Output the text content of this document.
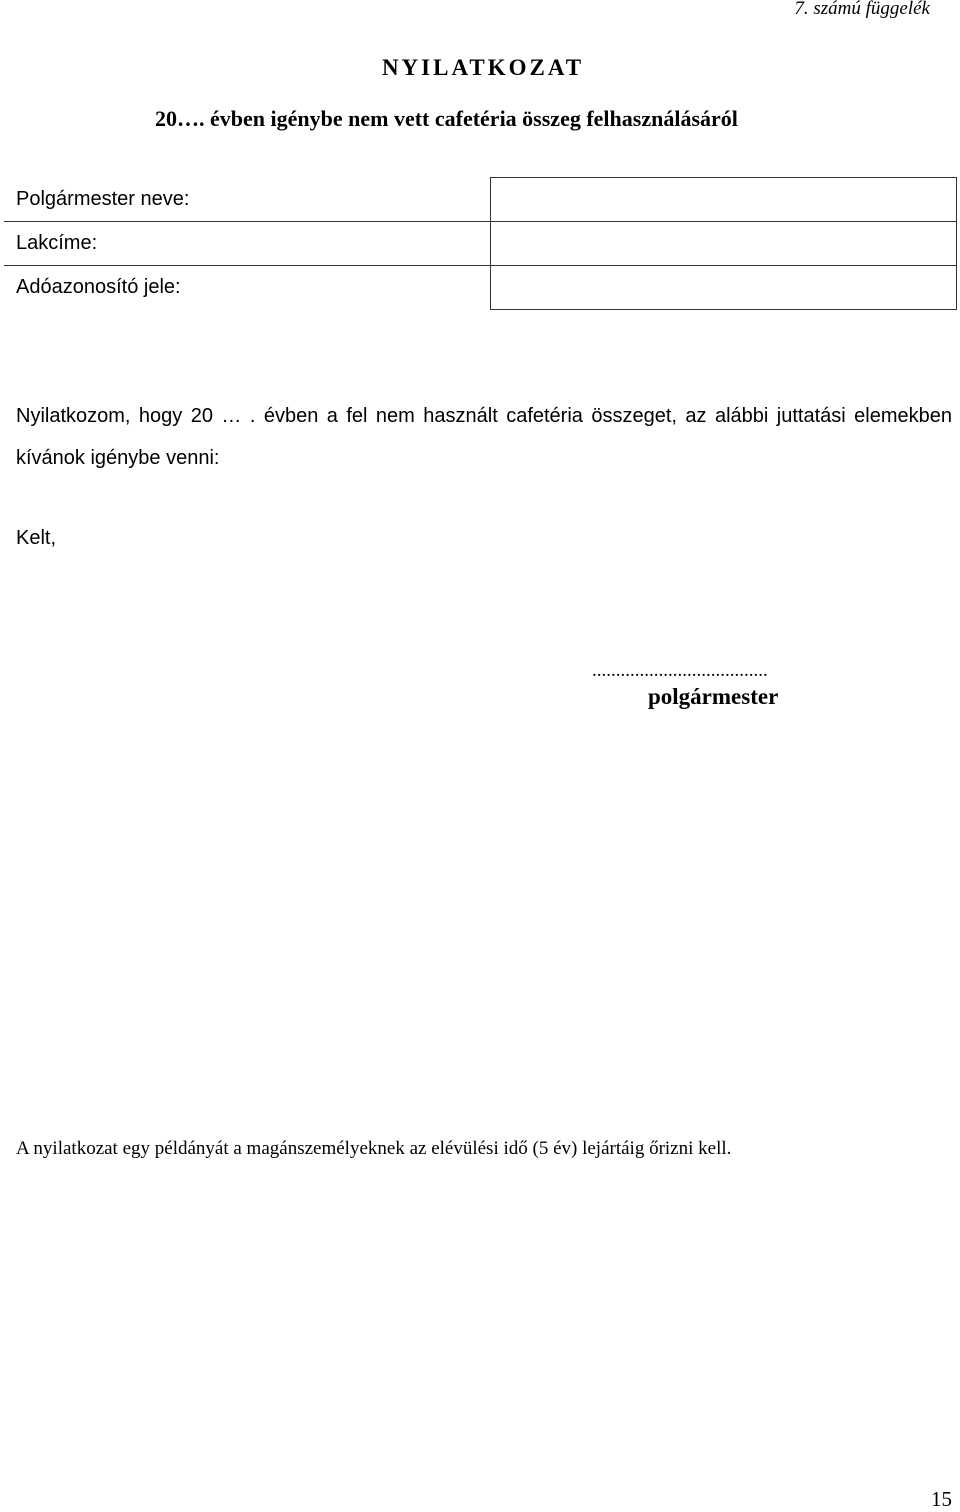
7. számú függelék
NYILATKOZAT
20…. évben igénybe nem vett cafetéria összeg felhasználásáról
Polgármester neve:	
Lakcíme:	
Adóazonosító jele:	

Nyilatkozom, hogy 20 … . évben a fel nem használt cafetéria összeget, az alábbi juttatási elemekben kívánok igénybe venni:

Kelt,
.....................................
polgármester
A nyilatkozat egy példányát a magánszemélyeknek az elévülési idő (5 év) lejártáig őrizni kell.
15
